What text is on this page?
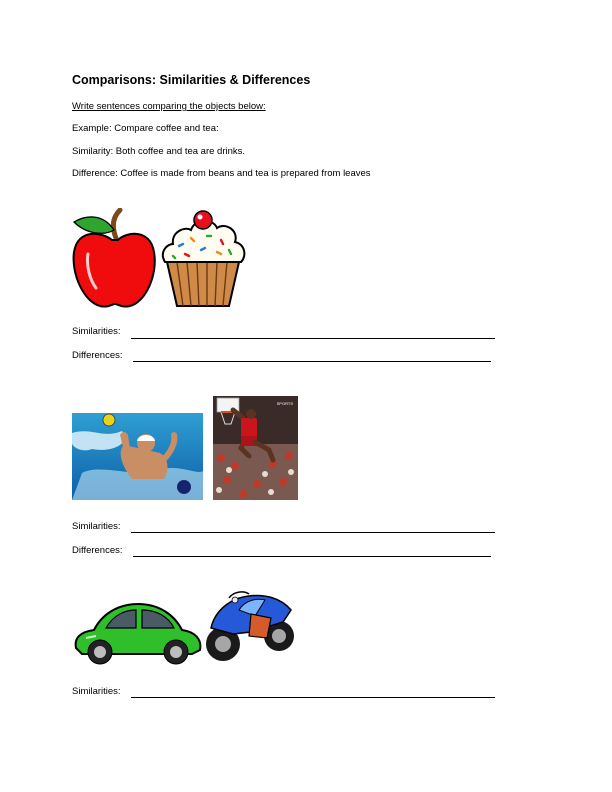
Comparisons: Similarities & Differences
Write sentences comparing the objects below:
Example: Compare coffee and tea:
Similarity: Both coffee and tea are drinks.
Difference: Coffee is made from beans and tea is prepared from leaves
Similarities:
Differences:
SPORTS
Similarities:
Differences:
Similarities:
